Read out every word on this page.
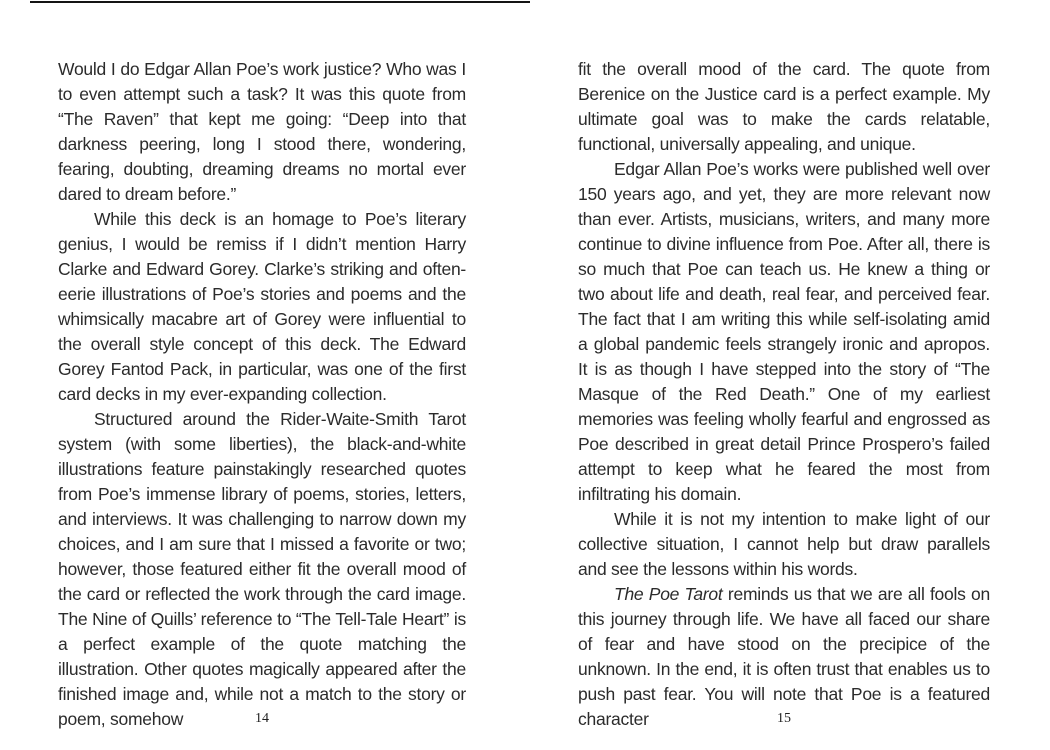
Would I do Edgar Allan Poe’s work justice? Who was I to even attempt such a task? It was this quote from “The Raven” that kept me going: “Deep into that darkness peering, long I stood there, wondering, fearing, doubting, dreaming dreams no mortal ever dared to dream before.”

While this deck is an homage to Poe’s literary genius, I would be remiss if I didn’t mention Harry Clarke and Edward Gorey. Clarke’s striking and often-eerie illustrations of Poe’s stories and poems and the whimsically macabre art of Gorey were influential to the overall style concept of this deck. The Edward Gorey Fantod Pack, in particular, was one of the first card decks in my ever-expanding collection.

Structured around the Rider-Waite-Smith Tarot system (with some liberties), the black-and-white illustrations feature painstakingly researched quotes from Poe’s immense library of poems, stories, letters, and interviews. It was challenging to narrow down my choices, and I am sure that I missed a favorite or two; however, those featured either fit the overall mood of the card or reflected the work through the card image. The Nine of Quills’ reference to “The Tell-Tale Heart” is a perfect example of the quote matching the illustration. Other quotes magically appeared after the finished image and, while not a match to the story or poem, somehow	14

fit the overall mood of the card. The quote from Berenice on the Justice card is a perfect example. My ultimate goal was to make the cards relatable, functional, universally appealing, and unique.

Edgar Allan Poe’s works were published well over 150 years ago, and yet, they are more relevant now than ever. Artists, musicians, writers, and many more continue to divine influence from Poe. After all, there is so much that Poe can teach us. He knew a thing or two about life and death, real fear, and perceived fear. The fact that I am writing this while self-isolating amid a global pandemic feels strangely ironic and apropos. It is as though I have stepped into the story of “The Masque of the Red Death.” One of my earliest memories was feeling wholly fearful and engrossed as Poe described in great detail Prince Prospero’s failed attempt to keep what he feared the most from infiltrating his domain.

While it is not my intention to make light of our collective situation, I cannot help but draw parallels and see the lessons within his words.

The Poe Tarot reminds us that we are all fools on this journey through life. We have all faced our share of fear and have stood on the precipice of the unknown. In the end, it is often trust that enables us to push past fear. You will note that Poe is a featured character	15
